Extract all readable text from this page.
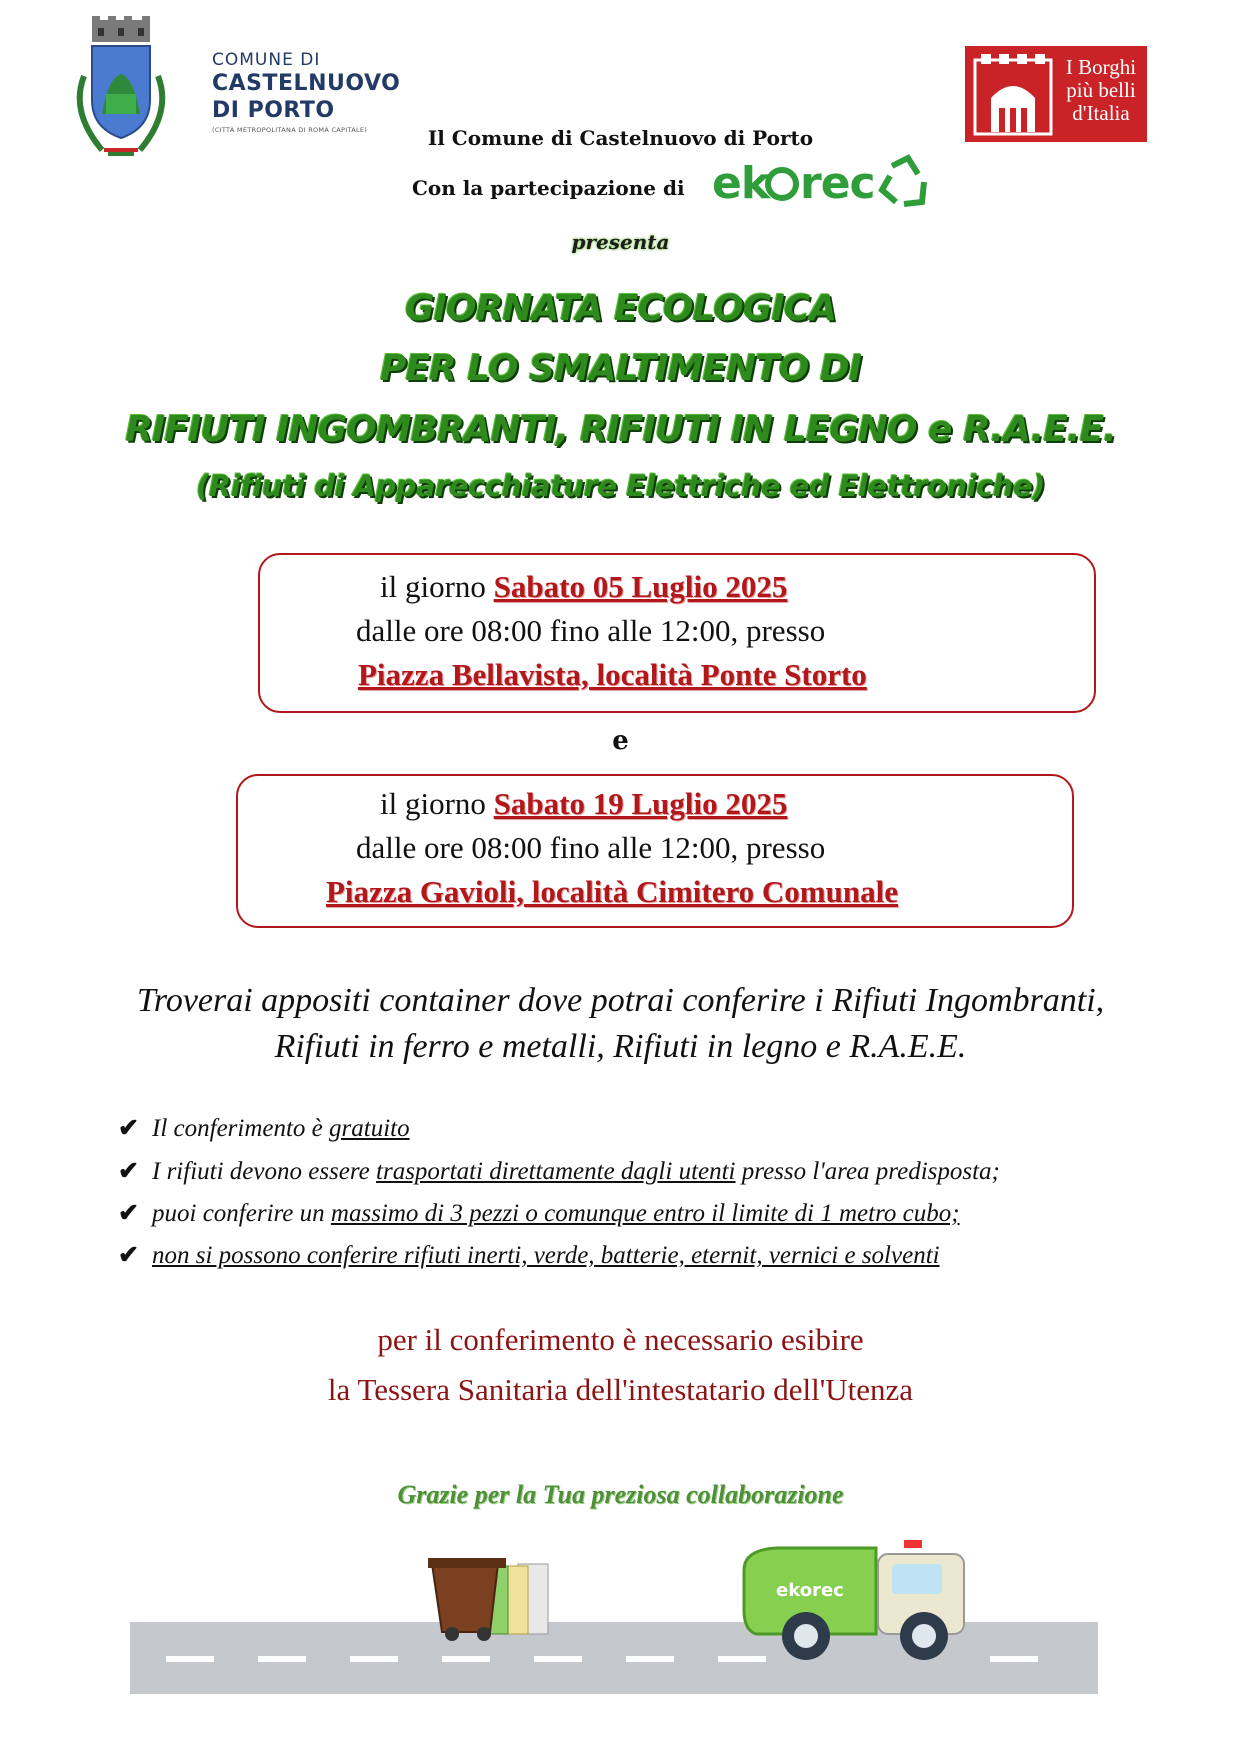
COMUNE DI
CASTELNUOVO
DI PORTO
(CITTÀ METROPOLITANA DI ROMA CAPITALE)
I Borghi
più belli
d'Italia
Il Comune di Castelnuovo di Porto
Con la partecipazione di ek rec
presenta
GIORNATA ECOLOGICA
PER LO SMALTIMENTO DI
RIFIUTI INGOMBRANTI, RIFIUTI IN LEGNO e R.A.E.E.
(Rifiuti di Apparecchiature Elettriche ed Elettroniche)
il giorno Sabato 05 Luglio 2025
dalle ore 08:00 fino alle 12:00, presso
Piazza Bellavista, località Ponte Storto
e
il giorno Sabato 19 Luglio 2025
dalle ore 08:00 fino alle 12:00, presso
Piazza Gavioli, località Cimitero Comunale
Troverai appositi container dove potrai conferire i Rifiuti Ingombranti,
Rifiuti in ferro e metalli, Rifiuti in legno e R.A.E.E.
✔ Il conferimento è gratuito
✔ I rifiuti devono essere trasportati direttamente dagli utenti presso l'area predisposta;
✔ puoi conferire un massimo di 3 pezzi o comunque entro il limite di 1 metro cubo;
✔ non si possono conferire rifiuti inerti, verde, batterie, eternit, vernici e solventi
per il conferimento è necessario esibire
la Tessera Sanitaria dell'intestatario dell'Utenza
Grazie per la Tua preziosa collaborazione
ekorec
